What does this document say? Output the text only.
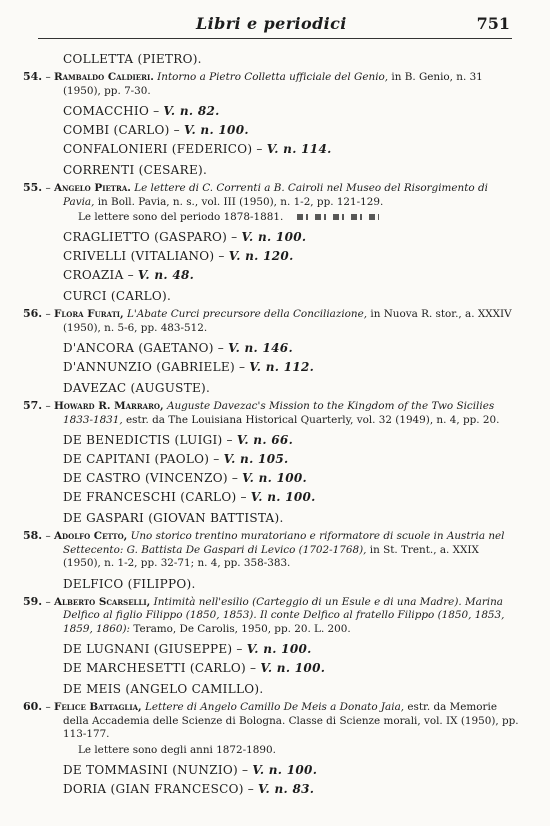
Libri e periodici	751
COLLETTA (PIETRO).
54. – Rambaldo Caldieri. Intorno a Pietro Colletta ufficiale del Genio, in B. Genio, n. 31 (1950), pp. 7-30.
COMACCHIO – V. n. 82.
COMBI (CARLO) – V. n. 100.
CONFALONIERI (FEDERICO) – V. n. 114.
CORRENTI (CESARE).
55. – Angelo Pietra. Le lettere di C. Correnti a B. Cairoli nel Museo del Risorgimento di Pavia, in Boll. Pavia, n. s., vol. III (1950), n. 1-2, pp. 121-129.
Le lettere sono del periodo 1878-1881.
CRAGLIETTO (GASPARO) – V. n. 100.
CRIVELLI (VITALIANO) – V. n. 120.
CROAZIA – V. n. 48.
CURCI (CARLO).
56. – Flora Furati, L'Abate Curci precursore della Conciliazione, in Nuova R. stor., a. XXXIV (1950), n. 5-6, pp. 483-512.
D'ANCORA (GAETANO) – V. n. 146.
D'ANNUNZIO (GABRIELE) – V. n. 112.
DAVEZAC (AUGUSTE).
57. – Howard R. Marraro, Auguste Davezac's Mission to the Kingdom of the Two Sicilies 1833-1831, estr. da The Louisiana Historical Quarterly, vol. 32 (1949), n. 4, pp. 20.
DE BENEDICTIS (LUIGI) – V. n. 66.
DE CAPITANI (PAOLO) – V. n. 105.
DE CASTRO (VINCENZO) – V. n. 100.
DE FRANCESCHI (CARLO) – V. n. 100.
DE GASPARI (GIOVAN BATTISTA).
58. – Adolfo Cetto, Uno storico trentino muratoriano e riformatore di scuole in Austria nel Settecento: G. Battista De Gaspari di Levico (1702-1768), in St. Trent., a. XXIX (1950), n. 1-2, pp. 32-71; n. 4, pp. 358-383.
DELFICO (FILIPPO).
59. – Alberto Scarselli, Intimità nell'esilio (Carteggio di un Esule e di una Madre). Marina Delfico al figlio Filippo (1850, 1853). Il conte Delfico al fratello Filippo (1850, 1853, 1859, 1860): Teramo, De Carolis, 1950, pp. 20. L. 200.
DE LUGNANI (GIUSEPPE) – V. n. 100.
DE MARCHESETTI (CARLO) – V. n. 100.
DE MEIS (ANGELO CAMILLO).
60. – Felice Battaglia, Lettere di Angelo Camillo De Meis a Donato Jaia, estr. da Memorie della Accademia delle Scienze di Bologna. Classe di Scienze morali, vol. IX (1950), pp. 113-177.
Le lettere sono degli anni 1872-1890.
DE TOMMASINI (NUNZIO) – V. n. 100.
DORIA (GIAN FRANCESCO) – V. n. 83.
